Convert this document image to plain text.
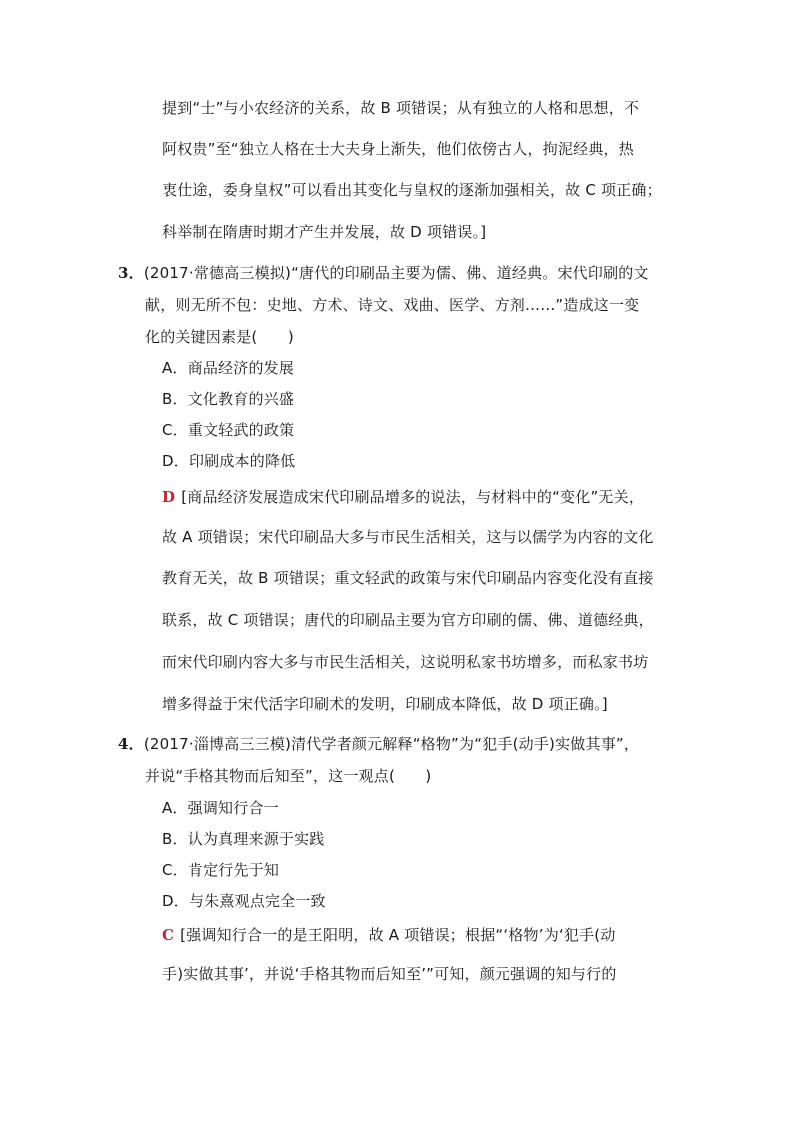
提到“士”与小农经济的关系，故 B 项错误；从有独立的人格和思想，不
阿权贵”至“独立人格在士大夫身上渐失，他们依傍古人，拘泥经典，热
衷仕途，委身皇权”可以看出其变化与皇权的逐渐加强相关，故 C 项正确；
科举制在隋唐时期才产生并发展，故 D 项错误。]
3．(2017·常德高三模拟)“唐代的印刷品主要为儒、佛、道经典。宋代印刷的文
献，则无所不包：史地、方术、诗文、戏曲、医学、方剂……”造成这一变
化的关键因素是(　　)
A．商品经济的发展
B．文化教育的兴盛
C．重文轻武的政策
D．印刷成本的降低
D [商品经济发展造成宋代印刷品增多的说法，与材料中的“变化”无关，
故 A 项错误；宋代印刷品大多与市民生活相关，这与以儒学为内容的文化
教育无关，故 B 项错误；重文轻武的政策与宋代印刷品内容变化没有直接
联系，故 C 项错误；唐代的印刷品主要为官方印刷的儒、佛、道德经典，
而宋代印刷内容大多与市民生活相关，这说明私家书坊增多，而私家书坊
增多得益于宋代活字印刷术的发明，印刷成本降低，故 D 项正确。]
4．(2017·淄博高三三模)清代学者颜元解释“格物”为“犯手(动手)实做其事”，
并说“手格其物而后知至”，这一观点(　　)
A．强调知行合一
B．认为真理来源于实践
C．肯定行先于知
D．与朱熹观点完全一致
C [强调知行合一的是王阳明，故 A 项错误；根据“‘格物’为‘犯手(动
手)实做其事’，并说‘手格其物而后知至’”可知，颜元强调的知与行的
